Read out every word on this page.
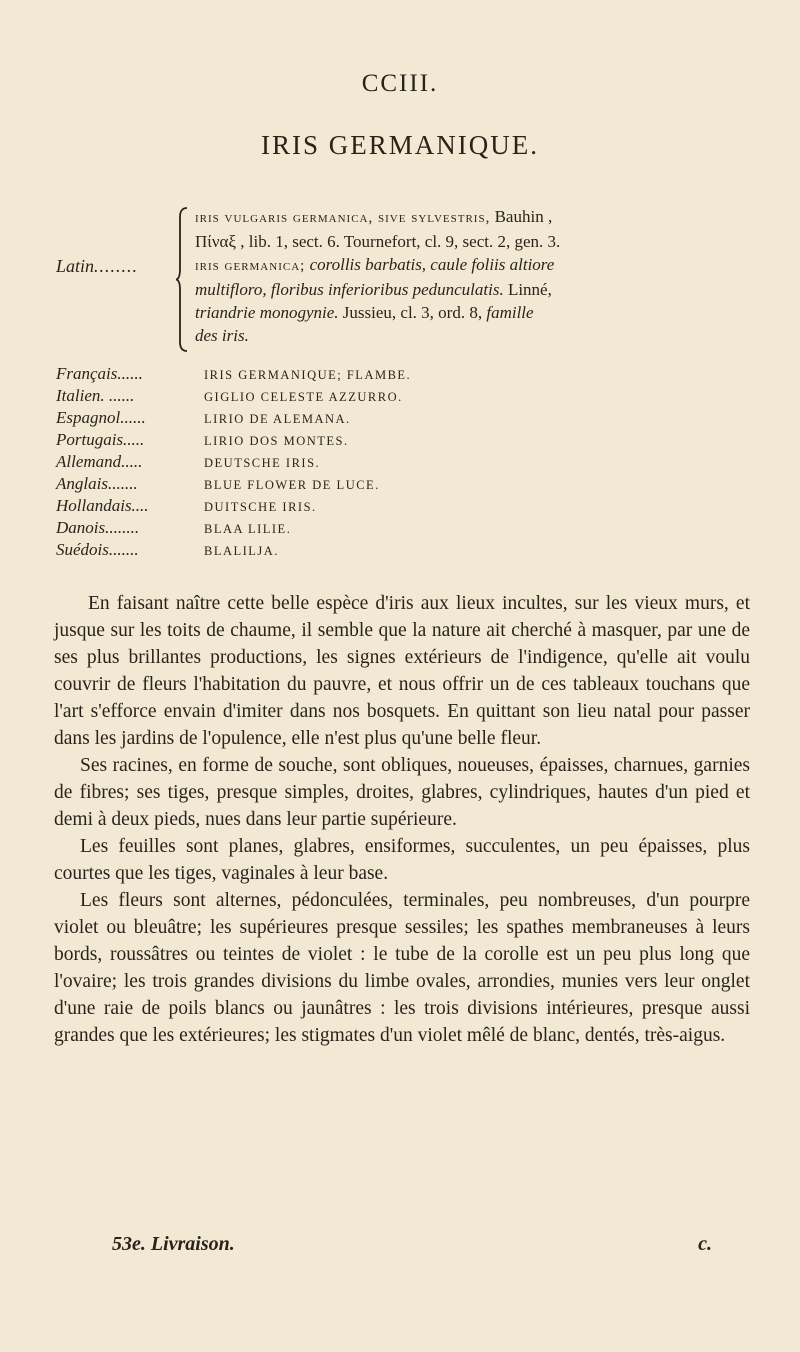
CCIII.
IRIS GERMANIQUE.
Latin........
iris vulgaris germanica, sive sylvestris, Bauhin ,
Πίναξ , lib. 1, sect. 6. Tournefort, cl. 9, sect. 2, gen. 3.
iris germanica; corollis barbatis, caule foliis altiore
multifloro, floribus inferioribus pedunculatis. Linné,
triandrie monogynie. Jussieu, cl. 3, ord. 8, famille
des iris.
Français......	IRIS GERMANIQUE; FLAMBE.
Italien. ......	GIGLIO CELESTE AZZURRO.
Espagnol......	LIRIO DE ALEMANA.
Portugais.....	LIRIO DOS MONTES.
Allemand.....	DEUTSCHE IRIS.
Anglais.......	BLUE FLOWER DE LUCE.
Hollandais....	DUITSCHE IRIS.
Danois........	BLAA LILIE.
Suédois.......	BLALILJA.

En faisant naître cette belle espèce d'iris aux lieux incultes, sur les vieux murs, et jusque sur les toits de chaume, il semble que la nature ait cherché à masquer, par une de ses plus brillantes productions, les signes extérieurs de l'indigence, qu'elle ait voulu couvrir de fleurs l'habitation du pauvre, et nous offrir un de ces tableaux touchans que l'art s'efforce envain d'imiter dans nos bosquets. En quittant son lieu natal pour passer dans les jardins de l'opulence, elle n'est plus qu'une belle fleur.

Ses racines, en forme de souche, sont obliques, noueuses, épaisses, charnues, garnies de fibres; ses tiges, presque simples, droites, glabres, cylindriques, hautes d'un pied et demi à deux pieds, nues dans leur partie supérieure.

Les feuilles sont planes, glabres, ensiformes, succulentes, un peu épaisses, plus courtes que les tiges, vaginales à leur base.

Les fleurs sont alternes, pédonculées, terminales, peu nombreuses, d'un pourpre violet ou bleuâtre; les supérieures presque sessiles; les spathes membraneuses à leurs bords, roussâtres ou teintes de violet : le tube de la corolle est un peu plus long que l'ovaire; les trois grandes divisions du limbe ovales, arrondies, munies vers leur onglet d'une raie de poils blancs ou jaunâtres : les trois divisions intérieures, presque aussi grandes que les extérieures; les stigmates d'un violet mêlé de blanc, dentés, très-aigus.

53e. Livraison.	c.
